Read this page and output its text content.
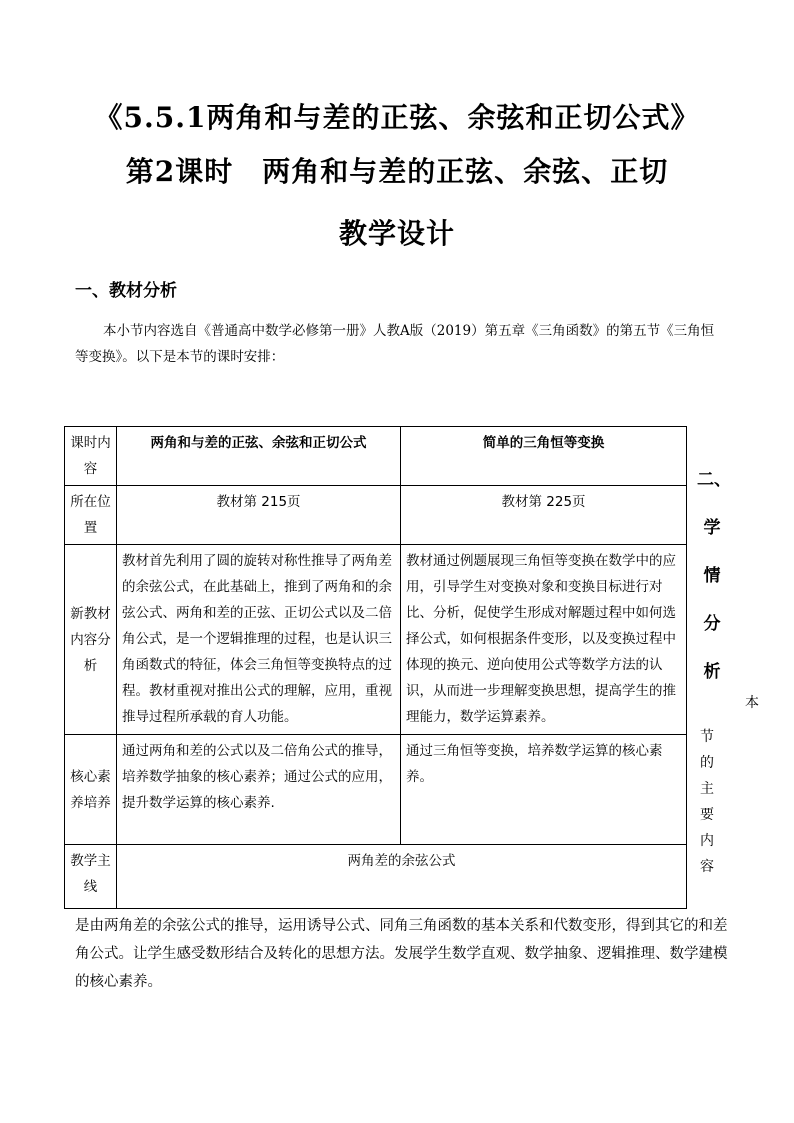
《5.5.1两角和与差的正弦、余弦和正切公式》
第2课时　两角和与差的正弦、余弦、正切
教学设计
一、教材分析

本小节内容选自《普通高中数学必修第一册》人教A版（2019）第五章《三角函数》的第五节《三角恒等变换》。以下是本节的课时安排：

课时内容	两角和与差的正弦、余弦和正切公式	简单的三角恒等变换
所在位置	教材第 215页	教材第 225页
新教材内容分析	教材首先利用了圆的旋转对称性推导了两角差的余弦公式，在此基础上，推到了两角和的余弦公式、两角和差的正弦、正切公式以及二倍角公式，是一个逻辑推理的过程，也是认识三角函数式的特征，体会三角恒等变换特点的过程。教材重视对推出公式的理解，应用，重视推导过程所承载的育人功能。	教材通过例题展现三角恒等变换在数学中的应用，引导学生对变换对象和变换目标进行对比、分析，促使学生形成对解题过程中如何选择公式，如何根据条件变形，以及变换过程中体现的换元、逆向使用公式等数学方法的认识，从而进一步理解变换思想，提高学生的推理能力，数学运算素养。
核心素养培养	通过两角和差的公式以及二倍角公式的推导，培养数学抽象的核心素养；通过公式的应用，提升数学运算的核心素养.	通过三角恒等变换，培养数学运算的核心素养。
教学主线	两角差的余弦公式	
二、
学
情
分
析
本
节
的
主
要
内
容

是由两角差的余弦公式的推导，运用诱导公式、同角三角函数的基本关系和代数变形，得到其它的和差角公式。让学生感受数形结合及转化的思想方法。发展学生数学直观、数学抽象、逻辑推理、数学建模的核心素养。
